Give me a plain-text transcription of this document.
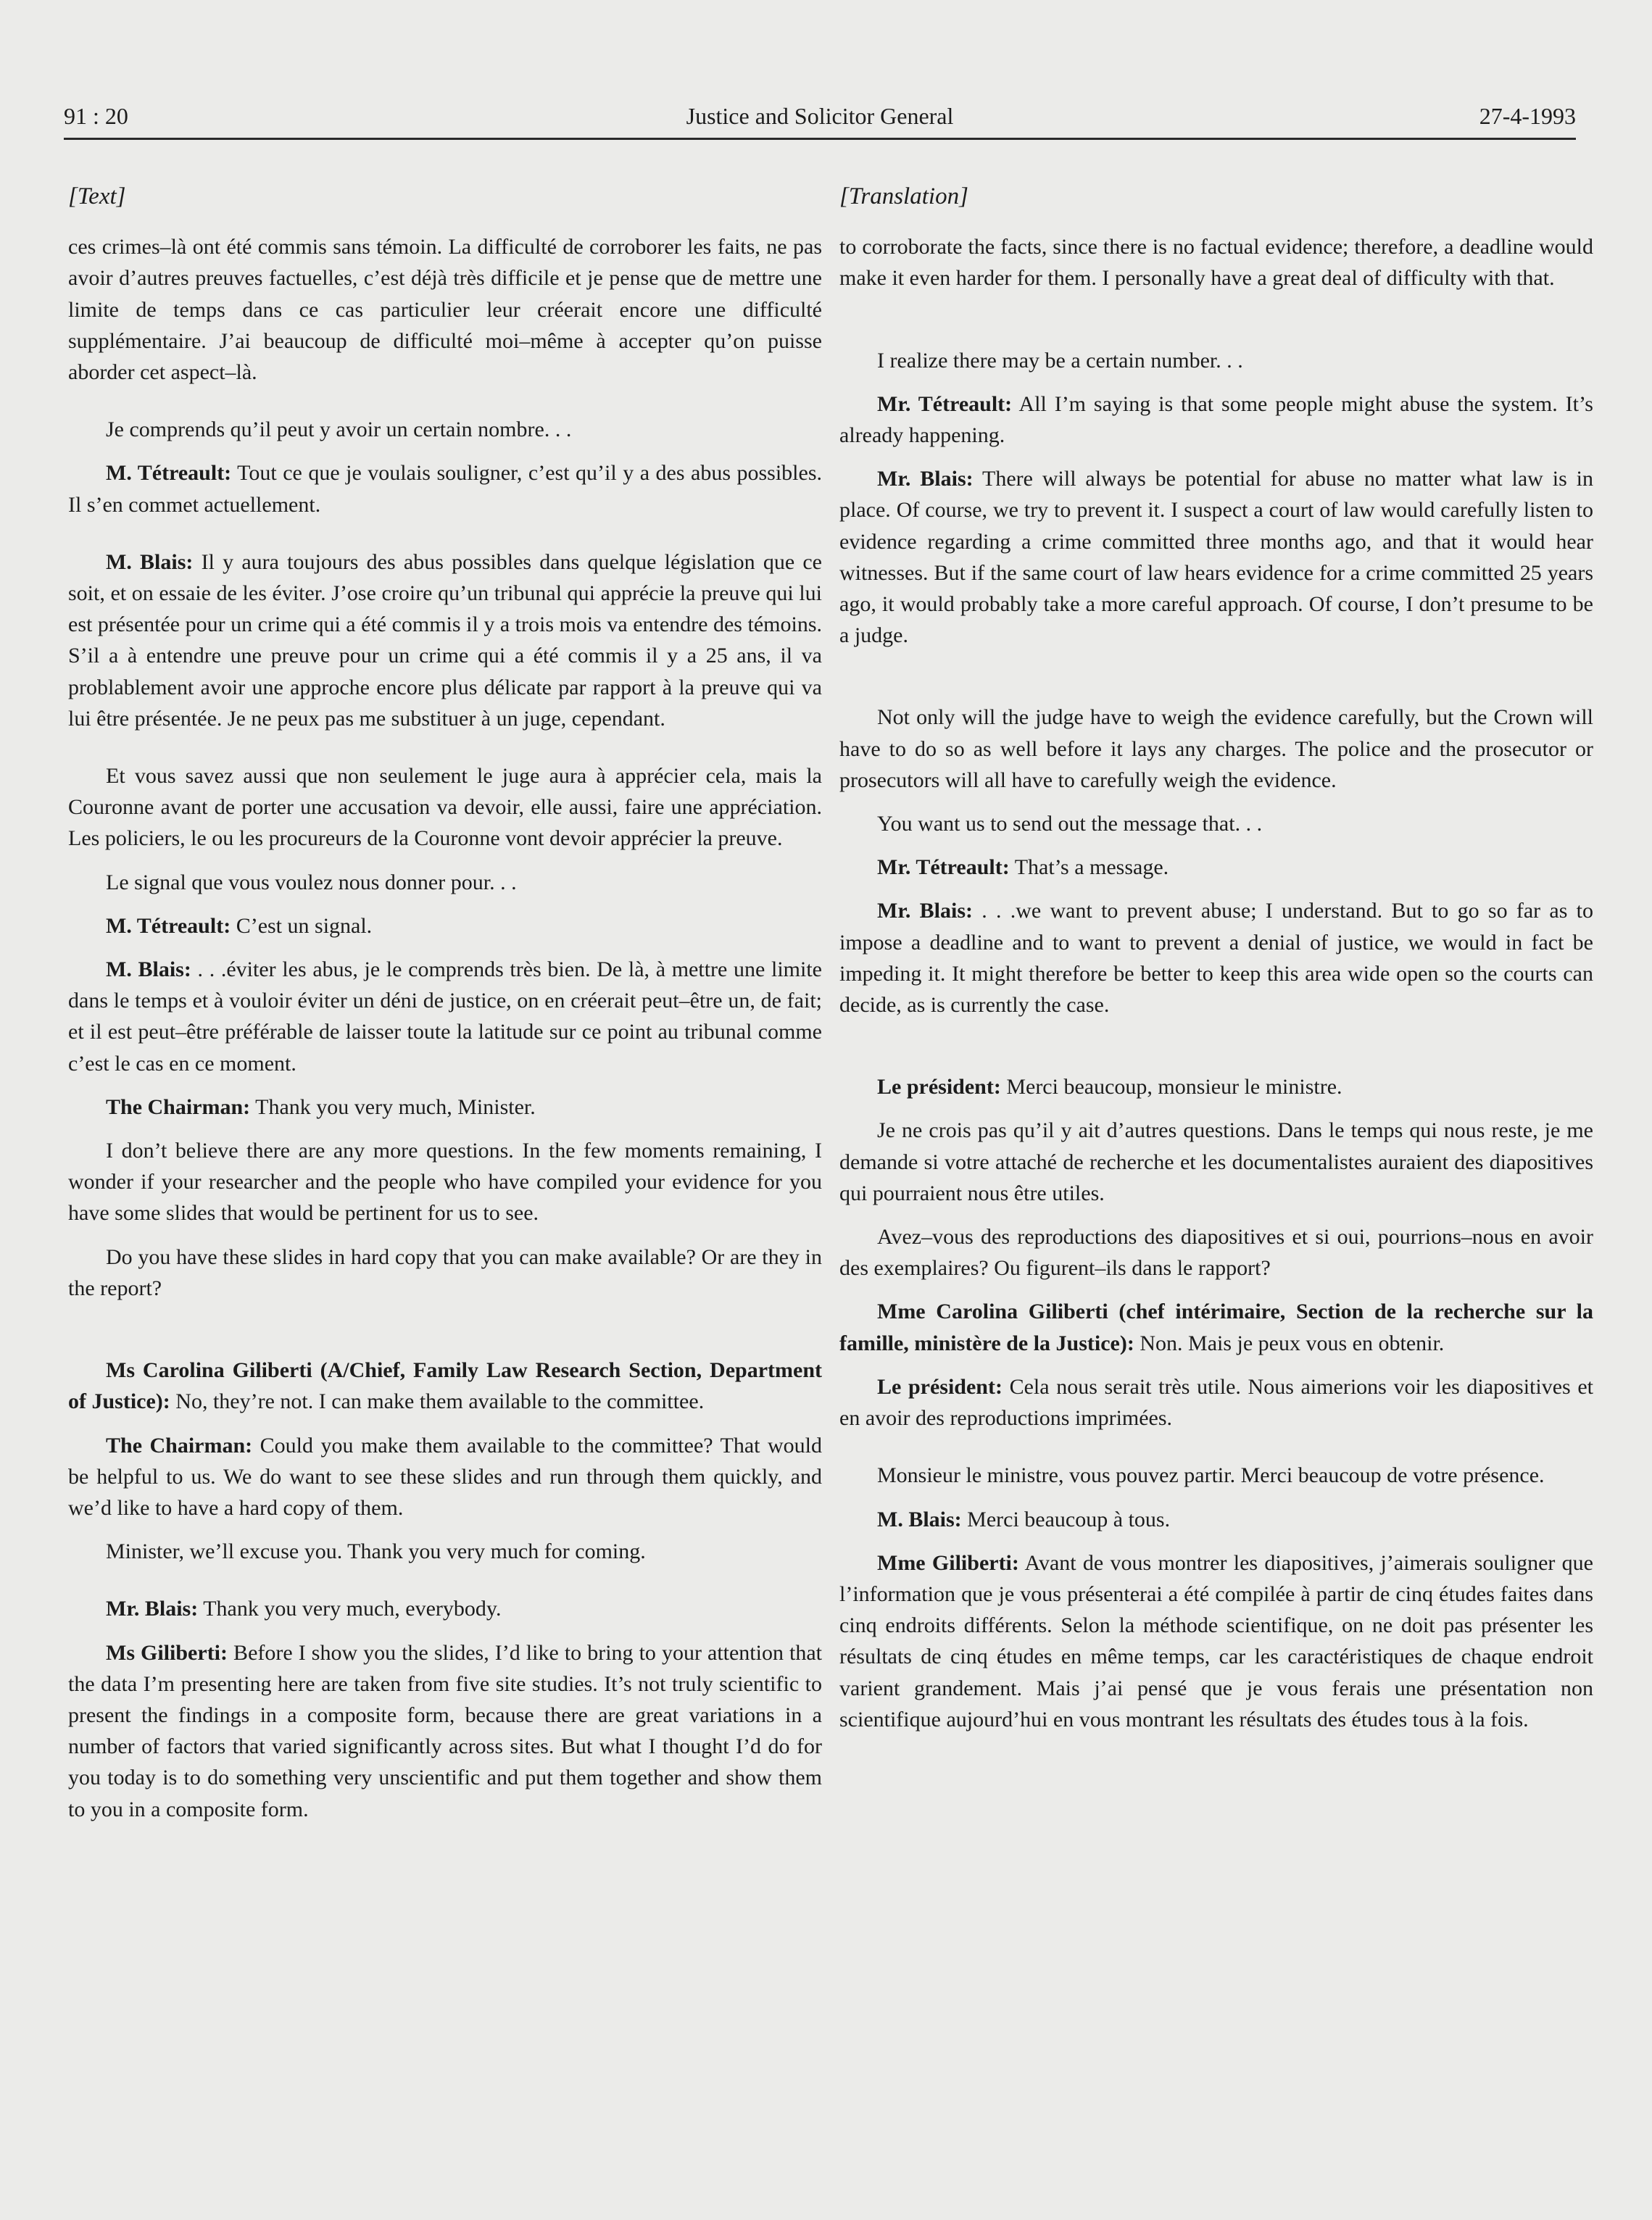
91 : 20	Justice and Solicitor General	27-4-1993
[Text]

ces crimes–là ont été commis sans témoin. La difficulté de corroborer les faits, ne pas avoir d’autres preuves factuelles, c’est déjà très difficile et je pense que de mettre une limite de temps dans ce cas particulier leur créerait encore une difficulté supplémentaire. J’ai beaucoup de difficulté moi–même à accepter qu’on puisse aborder cet aspect–là.

Je comprends qu’il peut y avoir un certain nombre. . .

M. Tétreault: Tout ce que je voulais souligner, c’est qu’il y a des abus possibles. Il s’en commet actuellement.

M. Blais: Il y aura toujours des abus possibles dans quelque législation que ce soit, et on essaie de les éviter. J’ose croire qu’un tribunal qui apprécie la preuve qui lui est présentée pour un crime qui a été commis il y a trois mois va entendre des témoins. S’il a à entendre une preuve pour un crime qui a été commis il y a 25 ans, il va problablement avoir une approche encore plus délicate par rapport à la preuve qui va lui être présentée. Je ne peux pas me substituer à un juge, cependant.

Et vous savez aussi que non seulement le juge aura à apprécier cela, mais la Couronne avant de porter une accusation va devoir, elle aussi, faire une appréciation. Les policiers, le ou les procureurs de la Couronne vont devoir apprécier la preuve.

Le signal que vous voulez nous donner pour. . .

M. Tétreault: C’est un signal.

M. Blais: . . .éviter les abus, je le comprends très bien. De là, à mettre une limite dans le temps et à vouloir éviter un déni de justice, on en créerait peut–être un, de fait; et il est peut–être préférable de laisser toute la latitude sur ce point au tribunal comme c’est le cas en ce moment.

The Chairman: Thank you very much, Minister.

I don’t believe there are any more questions. In the few moments remaining, I wonder if your researcher and the people who have compiled your evidence for you have some slides that would be pertinent for us to see.

Do you have these slides in hard copy that you can make available? Or are they in the report?

Ms Carolina Giliberti (A/Chief, Family Law Research Section, Department of Justice): No, they’re not. I can make them available to the committee.

The Chairman: Could you make them available to the committee? That would be helpful to us. We do want to see these slides and run through them quickly, and we’d like to have a hard copy of them.

Minister, we’ll excuse you. Thank you very much for coming.

Mr. Blais: Thank you very much, everybody.

Ms Giliberti: Before I show you the slides, I’d like to bring to your attention that the data I’m presenting here are taken from five site studies. It’s not truly scientific to present the findings in a composite form, because there are great variations in a number of factors that varied significantly across sites. But what I thought I’d do for you today is to do something very unscientific and put them together and show them to you in a composite form.

[Translation]

to corroborate the facts, since there is no factual evidence; therefore, a deadline would make it even harder for them. I personally have a great deal of difficulty with that.

I realize there may be a certain number. . .

Mr. Tétreault: All I’m saying is that some people might abuse the system. It’s already happening.

Mr. Blais: There will always be potential for abuse no matter what law is in place. Of course, we try to prevent it. I suspect a court of law would carefully listen to evidence regarding a crime committed three months ago, and that it would hear witnesses. But if the same court of law hears evidence for a crime committed 25 years ago, it would probably take a more careful approach. Of course, I don’t presume to be a judge.

Not only will the judge have to weigh the evidence carefully, but the Crown will have to do so as well before it lays any charges. The police and the prosecutor or prosecutors will all have to carefully weigh the evidence.

You want us to send out the message that. . .

Mr. Tétreault: That’s a message.

Mr. Blais: . . .we want to prevent abuse; I understand. But to go so far as to impose a deadline and to want to prevent a denial of justice, we would in fact be impeding it. It might therefore be better to keep this area wide open so the courts can decide, as is currently the case.

Le président: Merci beaucoup, monsieur le ministre.

Je ne crois pas qu’il y ait d’autres questions. Dans le temps qui nous reste, je me demande si votre attaché de recherche et les documentalistes auraient des diapositives qui pourraient nous être utiles.

Avez–vous des reproductions des diapositives et si oui, pourrions–nous en avoir des exemplaires? Ou figurent–ils dans le rapport?

Mme Carolina Giliberti (chef intérimaire, Section de la recherche sur la famille, ministère de la Justice): Non. Mais je peux vous en obtenir.

Le président: Cela nous serait très utile. Nous aimerions voir les diapositives et en avoir des reproductions imprimées.

Monsieur le ministre, vous pouvez partir. Merci beaucoup de votre présence.

M. Blais: Merci beaucoup à tous.

Mme Giliberti: Avant de vous montrer les diapositives, j’aimerais souligner que l’information que je vous présenterai a été compilée à partir de cinq études faites dans cinq endroits différents. Selon la méthode scientifique, on ne doit pas présenter les résultats de cinq études en même temps, car les caractéristiques de chaque endroit varient grandement. Mais j’ai pensé que je vous ferais une présentation non scientifique aujourd’hui en vous montrant les résultats des études tous à la fois.
